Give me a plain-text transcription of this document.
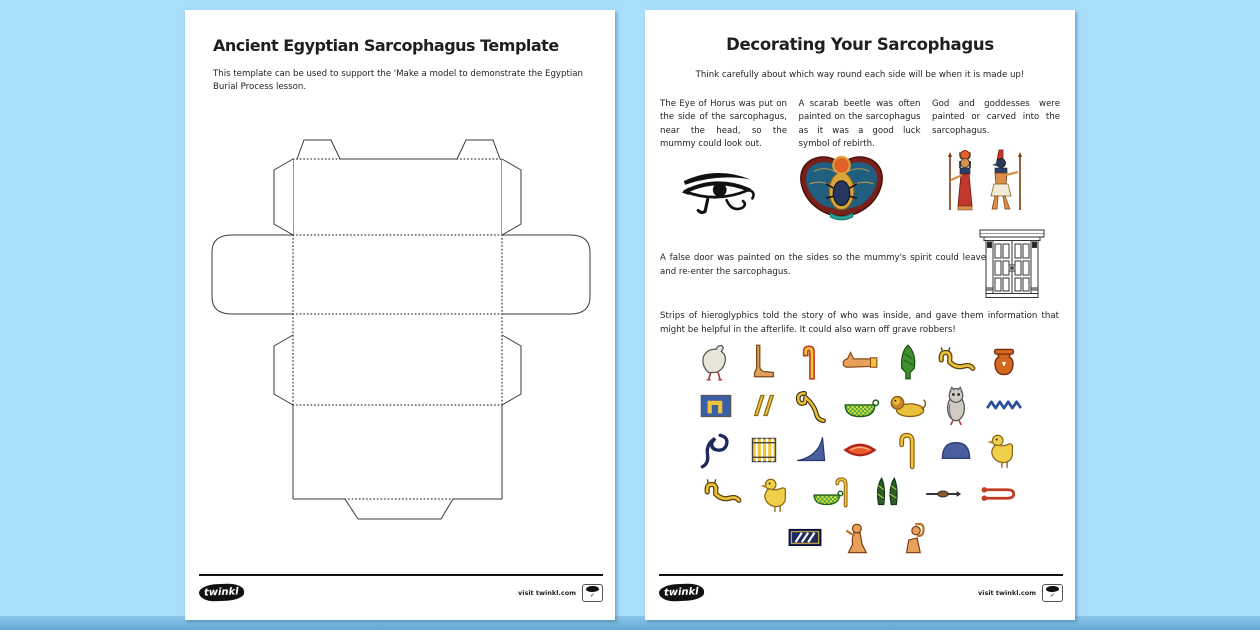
Ancient Egyptian Sarcophagus Template
This template can be used to support the 'Make a model to demonstrate the Egyptian Burial Process lesson.
twinkl	visit twinkl.com ✓
Decorating Your Sarcophagus
Think carefully about which way round each side will be when it is made up!
The Eye of Horus was put on the side of the sarcophagus, near the head, so the mummy could look out.
A scarab beetle was often painted on the sarcophagus as it was a good luck symbol of rebirth.
God and goddesses were painted or carved into the sarcophagus.
A false door was painted on the sides so the mummy's spirit could leave and re-enter the sarcophagus.
Strips of hieroglyphics told the story of who was inside, and gave them information that might be helpful in the afterlife. It could also warn off grave robbers!
twinkl	visit twinkl.com ✓
